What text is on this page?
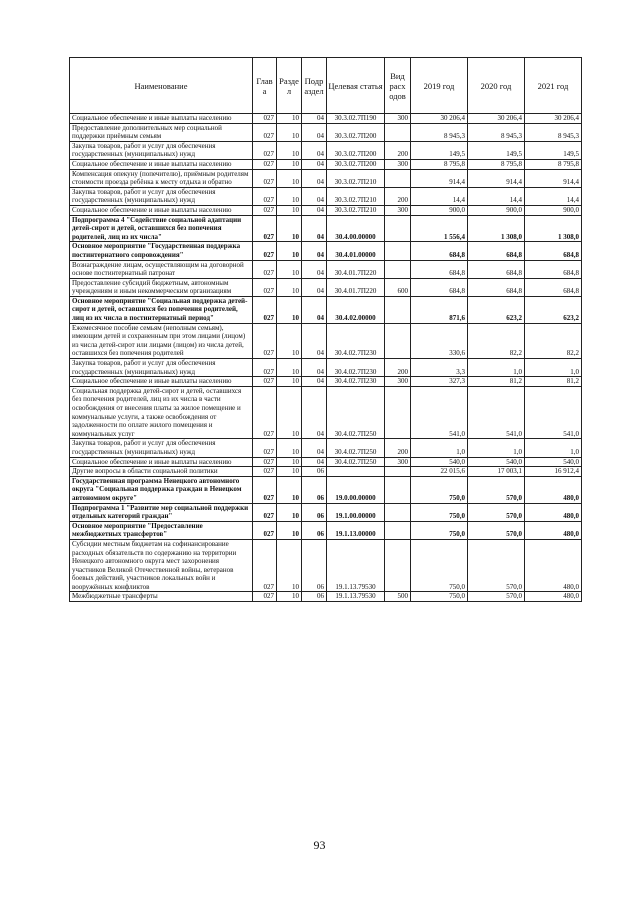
Наименование	Глав а	Разде л	Подр аздел	Целевая статья	Вид расх одов	2019 год	2020 год	2021 год
Социальное обеспечение и иные выплаты населению	027	10	04	30.3.02.7П190	300	30 206,4	30 206,4	30 206,4
Предоставление дополнительных мер социальной поддержки приёмным семьям	027	10	04	30.3.02.7П200		8 945,3	8 945,3	8 945,3
Закупка товаров, работ и услуг для обеспечения государственных (муниципальных) нужд	027	10	04	30.3.02.7П200	200	149,5	149,5	149,5
Социальное обеспечение и иные выплаты населению	027	10	04	30.3.02.7П200	300	8 795,8	8 795,8	8 795,8
Компенсация опекуну (попечителю), приёмным родителям стоимости проезда ребёнка к месту отдыха и обратно	027	10	04	30.3.02.7П210		914,4	914,4	914,4
Закупка товаров, работ и услуг для обеспечения государственных (муниципальных) нужд	027	10	04	30.3.02.7П210	200	14,4	14,4	14,4
Социальное обеспечение и иные выплаты населению	027	10	04	30.3.02.7П210	300	900,0	900,0	900,0
Подпрограмма 4 "Содействие социальной адаптации детей-сирот и детей, оставшихся без попечения родителей, лиц из их числа"	027	10	04	30.4.00.00000		1 556,4	1 308,0	1 308,0
Основное мероприятие "Государственная поддержка постинтернатного сопровождения"	027	10	04	30.4.01.00000		684,8	684,8	684,8
Вознаграждение лицам, осуществляющим на договорной основе постинтернатный патронат	027	10	04	30.4.01.7П220		684,8	684,8	684,8
Предоставление субсидий бюджетным, автономным учреждениям и иным некоммерческим организациям	027	10	04	30.4.01.7П220	600	684,8	684,8	684,8
Основное мероприятие "Социальная поддержка детей-сирот и детей, оставшихся без попечения родителей, лиц из их числа в постинтернатный период"	027	10	04	30.4.02.00000		871,6	623,2	623,2
Ежемесячное пособие семьям (неполным семьям), имеющим детей и сохраненным при этом лицами (лицом) из числа детей-сирот или лицами (лицом) из числа детей, оставшихся без попечения родителей	027	10	04	30.4.02.7П230		330,6	82,2	82,2
Закупка товаров, работ и услуг для обеспечения государственных (муниципальных) нужд	027	10	04	30.4.02.7П230	200	3,3	1,0	1,0
Социальное обеспечение и иные выплаты населению	027	10	04	30.4.02.7П230	300	327,3	81,2	81,2
Социальная поддержка детей-сирот и детей, оставшихся без попечения родителей, лиц из их числа в части освобождения от внесения платы за жилое помещение и коммунальные услуги, а также освобождения от задолженности по оплате жилого помещения и коммунальных услуг	027	10	04	30.4.02.7П250		541,0	541,0	541,0
Закупка товаров, работ и услуг для обеспечения государственных (муниципальных) нужд	027	10	04	30.4.02.7П250	200	1,0	1,0	1,0
Социальное обеспечение и иные выплаты населению	027	10	04	30.4.02.7П250	300	540,0	540,0	540,0
Другие вопросы в области социальной политики	027	10	06			22 015,6	17 003,1	16 912,4
Государственная программа Ненецкого автономного округа "Социальная поддержка граждан в Ненецком автономном округе"	027	10	06	19.0.00.00000		750,0	570,0	480,0
Подпрограмма 1 "Развитие мер социальной поддержки отдельных категорий граждан"	027	10	06	19.1.00.00000		750,0	570,0	480,0
Основное мероприятие "Предоставление межбюджетных трансфертов"	027	10	06	19.1.13.00000		750,0	570,0	480,0
Субсидии местным бюджетам на софинансирование расходных обязательств по содержанию на территории Ненецкого автономного округа мест захоронения участников Великой Отечественной войны, ветеранов боевых действий, участников локальных войн и вооружённых конфликтов	027	10	06	19.1.13.79530		750,0	570,0	480,0
Межбюджетные трансферты	027	10	06	19.1.13.79530	500	750,0	570,0	480,0
93
